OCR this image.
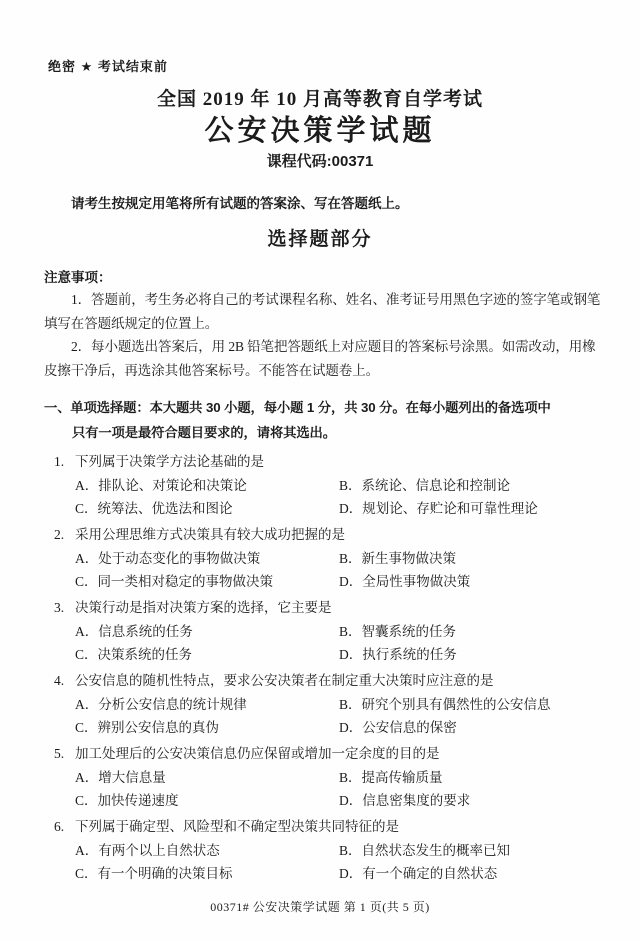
绝密 ★ 考试结束前
全国 2019 年 10 月高等教育自学考试
公安决策学试题
课程代码:00371

请考生按规定用笔将所有试题的答案涂、写在答题纸上。

选择题部分
注意事项：

1．答题前，考生务必将自己的考试课程名称、姓名、准考证号用黑色字迹的签字笔或钢笔

填写在答题纸规定的位置上。

2．每小题选出答案后，用 2B 铅笔把答题纸上对应题目的答案标号涂黑。如需改动，用橡

皮擦干净后，再选涂其他答案标号。不能答在试题卷上。

一、单项选择题：本大题共 30 小题，每小题 1 分，共 30 分。在每小题列出的备选项中

只有一项是最符合题目要求的，请将其选出。

1. 下列属于决策学方法论基础的是
A．排队论、对策论和决策论	B．系统论、信息论和控制论
C．统筹法、优选法和图论	D．规划论、存贮论和可靠性理论
2. 采用公理思维方式决策具有较大成功把握的是
A．处于动态变化的事物做决策	B．新生事物做决策
C．同一类相对稳定的事物做决策	D．全局性事物做决策
3. 决策行动是指对决策方案的选择，它主要是
A．信息系统的任务	B．智囊系统的任务
C．决策系统的任务	D．执行系统的任务
4. 公安信息的随机性特点，要求公安决策者在制定重大决策时应注意的是
A．分析公安信息的统计规律	B．研究个别具有偶然性的公安信息
C．辨别公安信息的真伪	D．公安信息的保密
5. 加工处理后的公安决策信息仍应保留或增加一定余度的目的是
A．增大信息量	B．提高传输质量
C．加快传递速度	D．信息密集度的要求
6. 下列属于确定型、风险型和不确定型决策共同特征的是
A．有两个以上自然状态	B．自然状态发生的概率已知
C．有一个明确的决策目标	D．有一个确定的自然状态
00371# 公安决策学试题 第 1 页(共 5 页)
